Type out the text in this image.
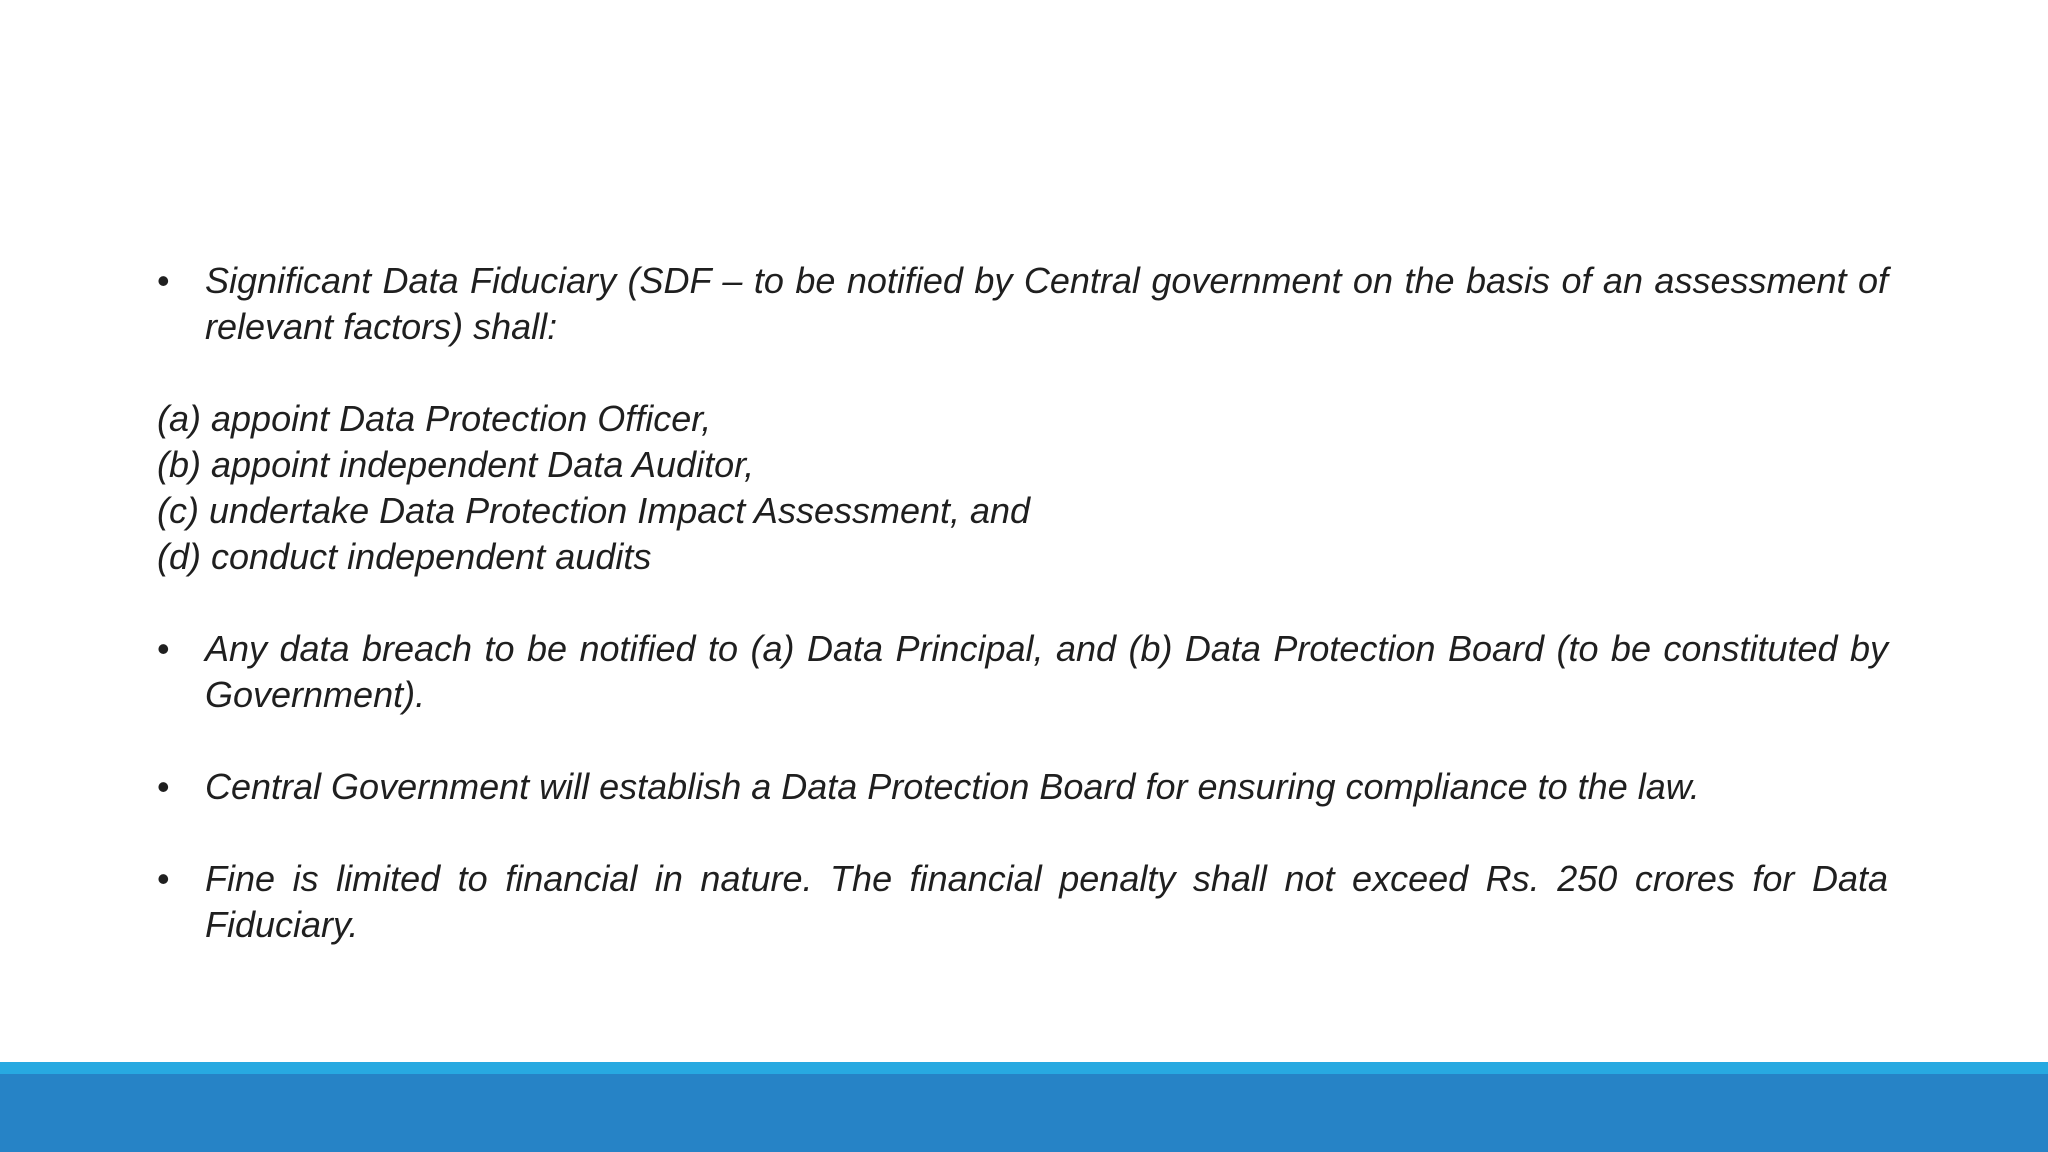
• Significant Data Fiduciary (SDF – to be notified by Central government on the basis of an assessment of relevant factors) shall:

(a) appoint Data Protection Officer,

(b) appoint independent Data Auditor,

(c) undertake Data Protection Impact Assessment, and

(d) conduct independent audits

• Any data breach to be notified to (a) Data Principal, and (b) Data Protection Board (to be constituted by Government).

• Central Government will establish a Data Protection Board for ensuring compliance to the law.

• Fine is limited to financial in nature. The financial penalty shall not exceed Rs. 250 crores for Data Fiduciary.
